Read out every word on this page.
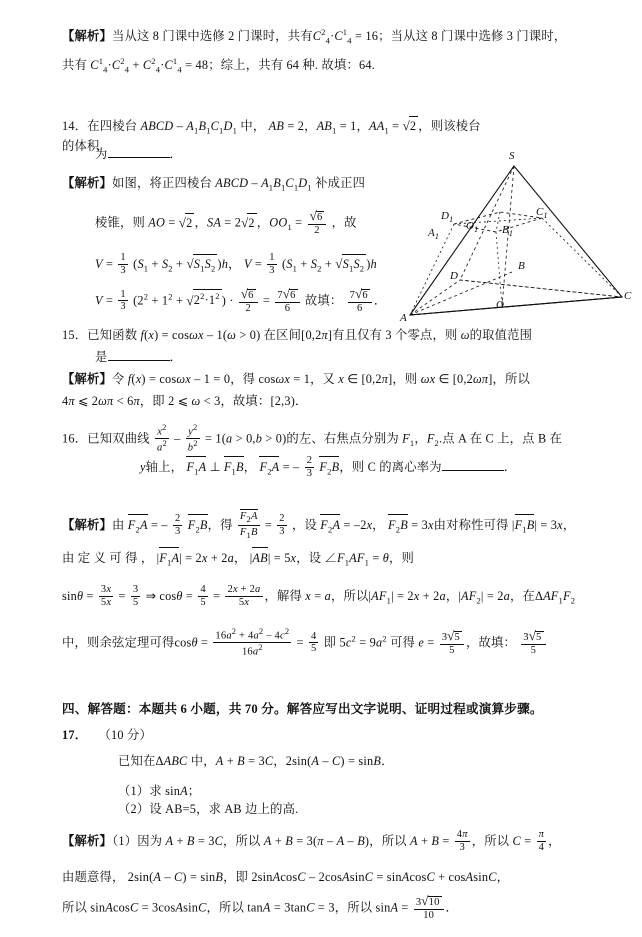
【解析】当从这 8 门课中选修 2 门课时，共有$C^2_4\cdot C^1_4 = 16$；当从这 8 门课中选修 3 门课时，
共有 $C^1_4\cdot C^2_4 + C^2_4\cdot C^1_4 = 48$；综上，共有 64 种. 故填：64.
14．在四棱台 ABCD – $A_1B_1C_1D_1$ 中， AB = 2，$AB_1 = 1$，$AA_1 = √2$ ，则该棱台的体积
为	．
【解析】如图，将正四棱台 ABCD – $A_1B_1C_1D_1$ 补成正四
棱锥，则 AO = √2 ，SA = 2√2 ，$OO_1 = \frac{√6}{2}$ ，故
$V = \frac{1}{3} (S_1 + S_2 + √S_1S_2$ )h， $V = \frac{1}{3} (S_1 + S_2 + √S_1S_2$ )h
$V = \frac{1}{3} (2^2 + 1^2 + √2^2\cdot 1^2$ ) · $\frac{√6}{2} = \frac{7√6}{6}$ 故填： $\frac{7√6}{6}$ ．
S
$C_1$
$D_1$
$A_1$
$B_1$
$O_1$
D
B
C
A
O
15．已知函数 f(x) = cosωx – 1(ω > 0) 在区间[0,2π]有且仅有 3 个零点，则 ω的取值范围
是	．
【解析】令 f(x) = cosωx – 1 = 0，得 cosωx = 1，又 x ∈ [0,2π]，则 ωx ∈ [0,2ωπ]，所以
4π ⩽ 2ωπ < 6π，即 2 ⩽ ω < 3，故填：[2,3)．
16．已知双曲线 $\frac{x^2}{a^2} - \frac{y^2}{b^2} = 1(a > 0,b > 0)$的左、右焦点分别为 $F_1$，$F_2$.点 A 在 C 上，点 B 在
y轴上， $F_1A$ ⊥ $F_1B$， $F_2A$ = – $\frac{2}{3} F_2B$，则 C 的离心率为	．
【解析】由 $F_2A$ = – $\frac{2}{3} F_2B$，得 $\frac{F_2A}{F_1B} = \frac{2}{3}$ ，设 $F_2A = -2x$， $F_2B = 3x$由对称性可得 $|F_1B| = 3x$，
由 定 义 可 得 ， $|F_1A| = 2x + 2a$， |AB| = 5x，设 $\angle F_1AF_1 = \theta$，则
$\sin\theta = \frac{3x}{5x} = \frac{3}{5}$ ⇒ $\cos\theta = \frac{4}{5} = \frac{2x + 2a}{5x}$ ，解得 x = a，所以$|AF_1| = 2x + 2a$，$|AF_2| = 2a$，在$\Delta AF_1F_2$
中，则余弦定理可得$\cos\theta = \frac{16a^2 + 4a^2 - 4c^2}{16a^2} = \frac{4}{5}$ 即 $5c^2 = 9a^2$ 可得 $e = \frac{3√5}{5}$ ，故填： $\frac{3√5}{5}$
四、解答题：本题共 6 小题，共 70 分。解答应写出文字说明、证明过程或演算步骤。
17． （10 分）
已知在ΔABC 中，A + B = 3C，2sin(A – C) = sinB．
（1）求 sinA；
（2）设 AB=5，求 AB 边上的高.
【解析】（1）因为 A + B = 3C，所以 A + B = 3(π – A – B)，所以 $A + B = \frac{4\pi}{3}$ ，所以 $C = \frac{\pi}{4}$ ，
由题意得， 2sin(A – C) = sinB，即 2sinAcosC – 2cosAsinC = sinAcosC + cosAsinC，
所以 sinAcosC = 3cosAsinC，所以 tanA = 3tanC = 3，所以 $\sin A = \frac{3√10}{10}$ ．
